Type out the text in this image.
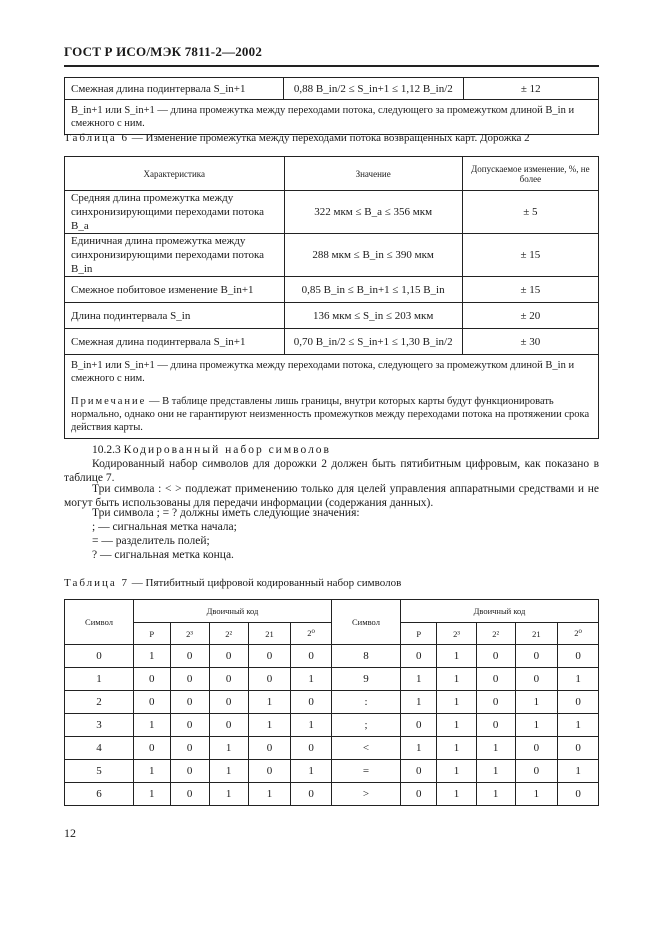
ГОСТ Р ИСО/МЭК 7811-2—2002
Смежная длина подинтервала S_in+1	0,88 B_in/2 ≤ S_in+1 ≤ 1,12 B_in/2	± 12
B_in+1 или S_in+1 — длина промежутка между переходами потока, следующего за промежутком длиной B_in и смежного с ним.
Таблица 6 — Изменение промежутка между переходами потока возвращенных карт. Дорожка 2
Характеристика	Значение	Допускаемое изменение, %, не более
Средняя длина промежутка между синхронизирующими переходами потока B_a	322 мкм ≤ B_a ≤ 356 мкм	± 5
Единичная длина промежутка между синхронизирующими переходами потока B_in	288 мкм ≤ B_in ≤ 390 мкм	± 15
Смежное побитовое изменение B_in+1	0,85 B_in ≤ B_in+1 ≤ 1,15 B_in	± 15
Длина подинтервала S_in	136 мкм ≤ S_in ≤ 203 мкм	± 20
Смежная длина подинтервала S_in+1	0,70 B_in/2 ≤ S_in+1 ≤ 1,30 B_in/2	± 30

B_in+1 или S_in+1 — длина промежутка между переходами потока, следующего за промежутком длиной B_in и смежного с ним.
Примечание — В таблице представлены лишь границы, внутри которых карты будут функционировать нормально, однако они не гарантируют неизменность промежутков между переходами потока на протяжении срока действия карты.		
10.2.3 Кодированный набор символов
Кодированный набор символов для дорожки 2 должен быть пятибитным цифровым, как показано в таблице 7.
Три символа : < > подлежат применению только для целей управления аппаратными средствами и не могут быть использованы для передачи информации (содержания данных).
Три символа ; = ? должны иметь следующие значения:
; — сигнальная метка начала;
= — разделитель полей;
? — сигнальная метка конца.
Таблица 7 — Пятибитный цифровой кодированный набор символов
Символ	Двоичный код					Символ	Двоичный код				
	P	2³	2²	21	2⁰		P	2³	2²	21	2⁰
0	1	0	0	0	0	8	0	1	0	0	0
1	0	0	0	0	1	9	1	1	0	0	1
2	0	0	0	1	0	:	1	1	0	1	0
3	1	0	0	1	1	;	0	1	0	1	1
4	0	0	1	0	0	<	1	1	1	0	0
5	1	0	1	0	1	=	0	1	1	0	1
6	1	0	1	1	0	>	0	1	1	1	0
12
